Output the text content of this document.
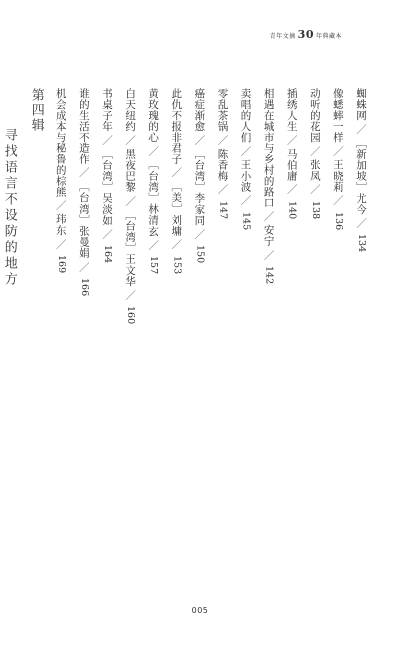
青年文摘 30 年典藏本
蜘蛛网／［新加坡］尤今／134
像蟋蟀一样／王晓莉／136
动听的花园／张凤／138
插绣人生／马伯庸／140
相遇在城市与乡村的路口／安宁／142
卖唱的人们／王小波／145
零乱茶锅／陈香梅／147
癌症渐愈／［台湾］李家同／150
此仇不报非君子／［美］刘墉／153
黄玫瑰的心／［台湾］林清玄／157
白天纽约／黑夜巴黎／［台湾］王文华／160
书桌子年／［台湾］吴淡如／164
谁的生活不造作／［台湾］张曼娟／166
机会成本与秘鲁的棕熊／玮东／169
第四辑
寻找语言不设防的地方
005
